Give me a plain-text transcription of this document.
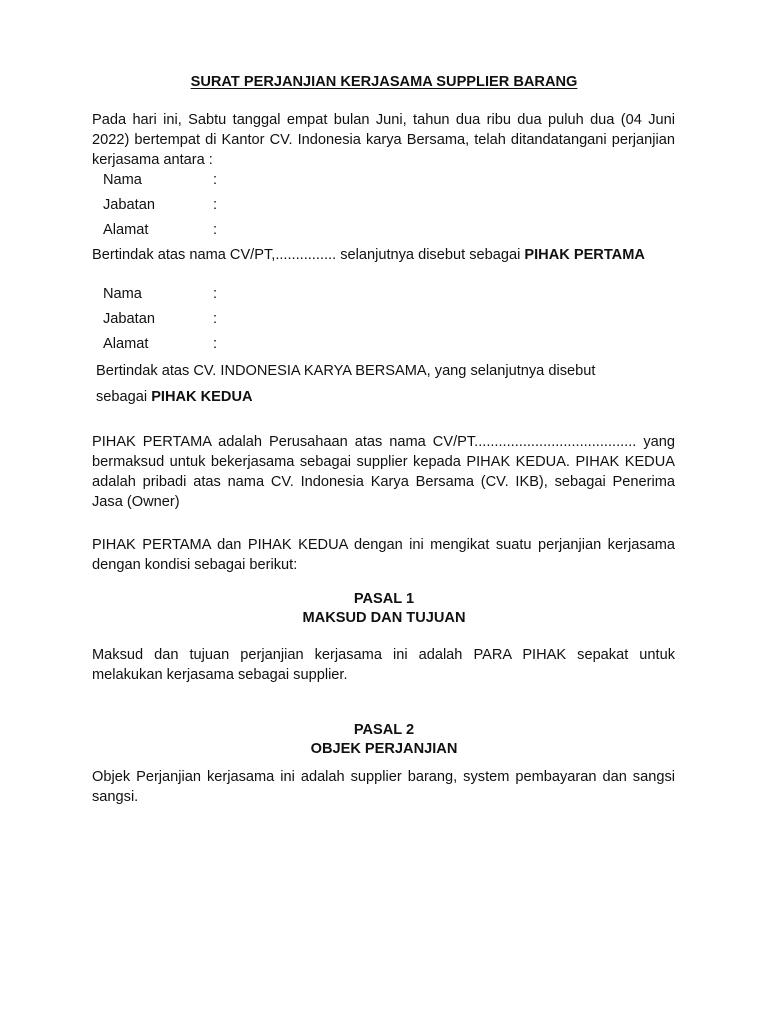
SURAT PERJANJIAN KERJASAMA SUPPLIER BARANG

Pada hari ini, Sabtu tanggal empat bulan Juni, tahun dua ribu dua puluh dua (04 Juni 2022) bertempat di Kantor CV. Indonesia karya Bersama, telah ditandatangani perjanjian kerjasama antara :

Nama	:
Jabatan	:
Alamat	:

Bertindak atas nama CV/PT,............... selanjutnya disebut sebagai PIHAK PERTAMA

Nama	:
Jabatan	:
Alamat	:
Bertindak atas CV. INDONESIA KARYA BERSAMA, yang selanjutnya disebut
sebagai PIHAK KEDUA

PIHAK PERTAMA adalah Perusahaan atas nama CV/PT........................................ yang bermaksud untuk bekerjasama sebagai supplier kepada PIHAK KEDUA. PIHAK KEDUA adalah pribadi atas nama CV. Indonesia Karya Bersama (CV. IKB), sebagai Penerima Jasa (Owner)

PIHAK PERTAMA dan PIHAK KEDUA dengan ini mengikat suatu perjanjian kerjasama dengan kondisi sebagai berikut:

PASAL 1
MAKSUD DAN TUJUAN

Maksud dan tujuan perjanjian kerjasama ini adalah PARA PIHAK sepakat untuk melakukan kerjasama sebagai supplier.

PASAL 2
OBJEK PERJANJIAN

Objek Perjanjian kerjasama ini adalah supplier barang, system pembayaran dan sangsi sangsi.
